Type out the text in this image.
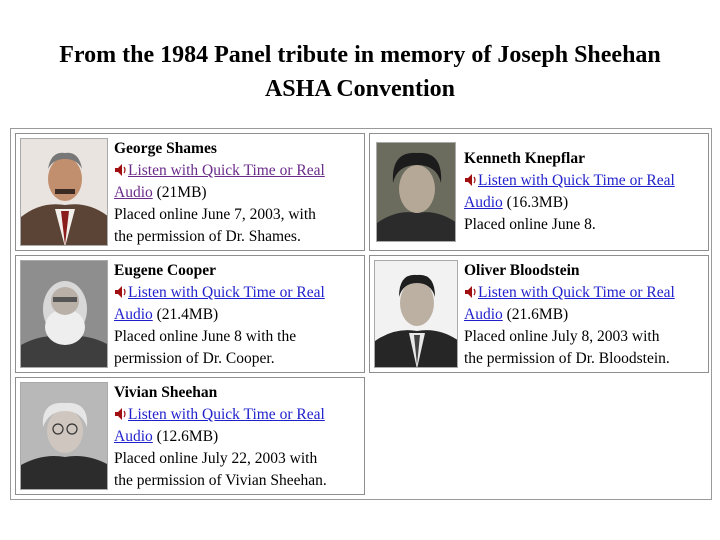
From the 1984 Panel tribute in memory of Joseph Sheehan
ASHA Convention
George Shames
Listen with Quick Time or Real
Audio (21MB)
Placed online June 7, 2003, with
the permission of Dr. Shames.
Kenneth Knepflar
Listen with Quick Time or Real
Audio (16.3MB)
Placed online June 8.
Eugene Cooper
Listen with Quick Time or Real
Audio (21.4MB)
Placed online June 8 with the
permission of Dr. Cooper.
Oliver Bloodstein
Listen with Quick Time or Real
Audio (21.6MB)
Placed online July 8, 2003 with
the permission of Dr. Bloodstein.
Vivian Sheehan
Listen with Quick Time or Real
Audio (12.6MB)
Placed online July 22, 2003 with
the permission of Vivian Sheehan.
